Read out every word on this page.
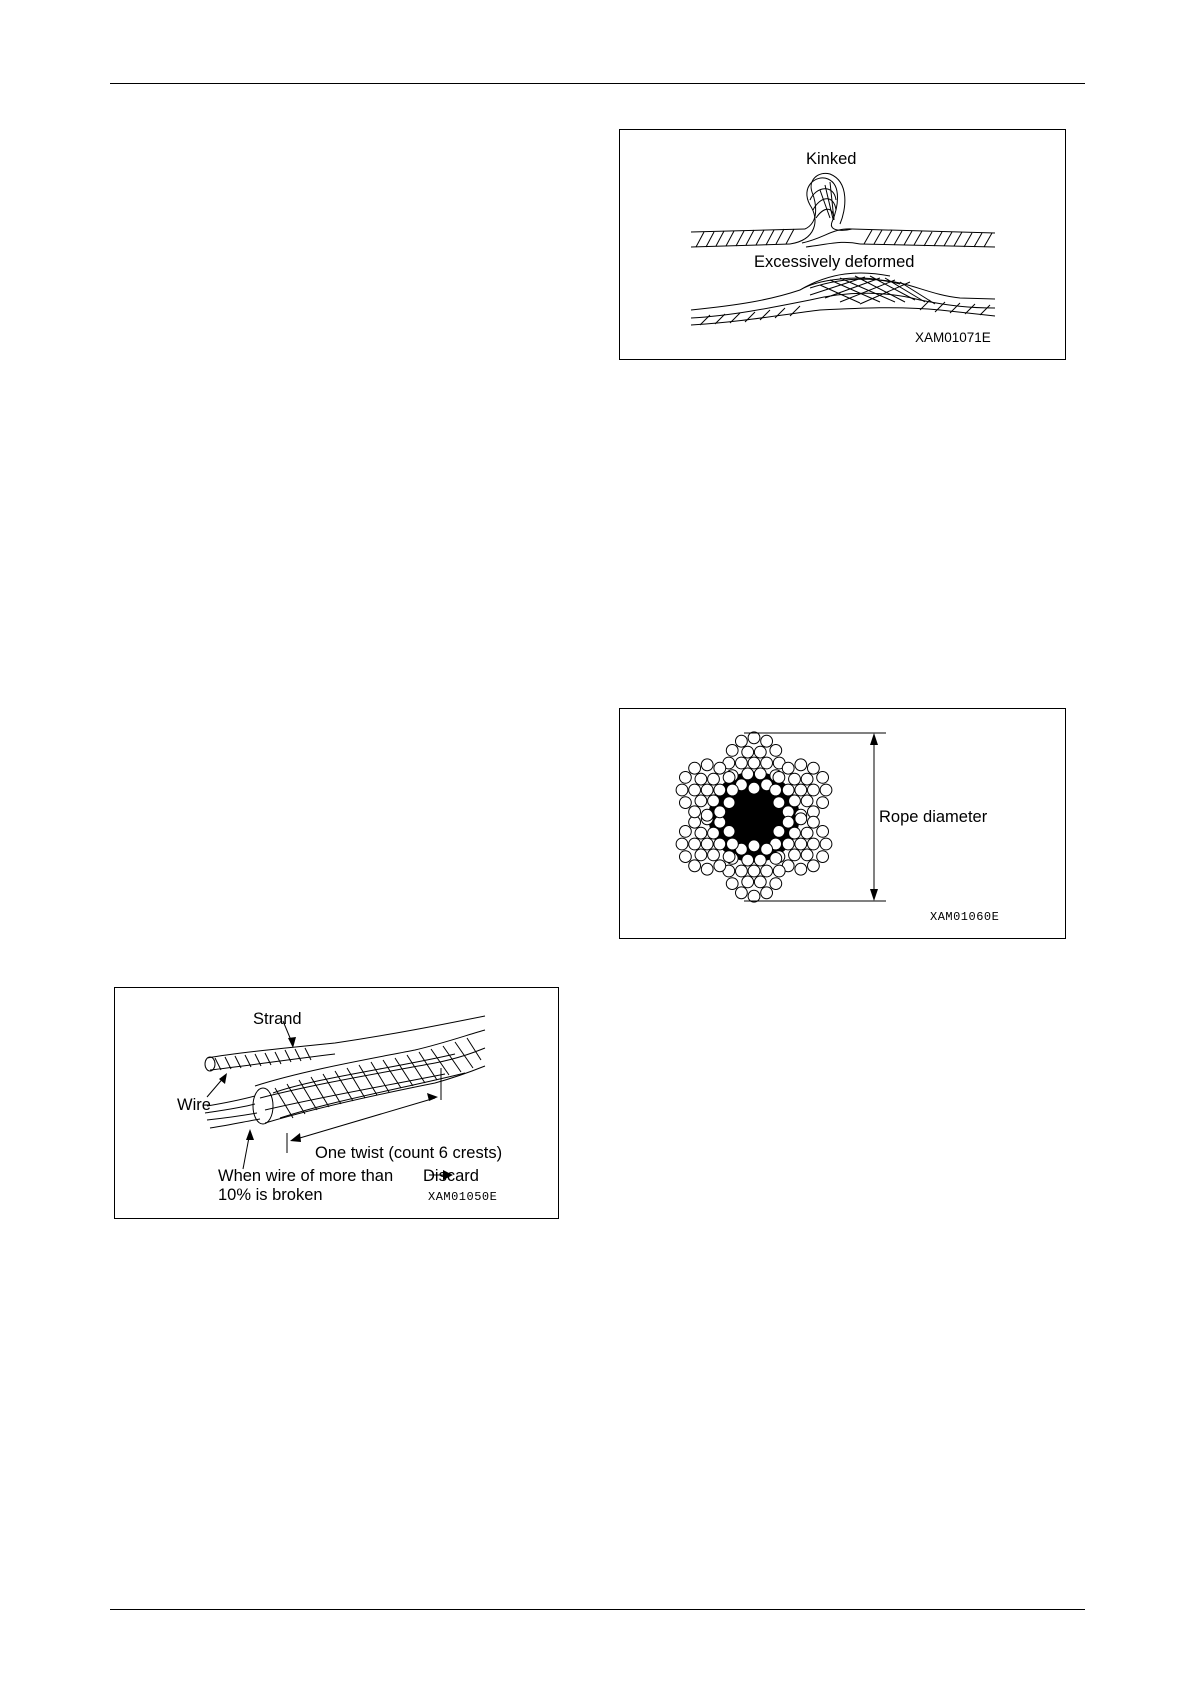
Kinked
Excessively deformed
XAM01071E
Rope diameter
XAM01060E
Strand
Wire
One twist (count 6 crests)
When wire of more than
10% is broken
Discard
XAM01050E
